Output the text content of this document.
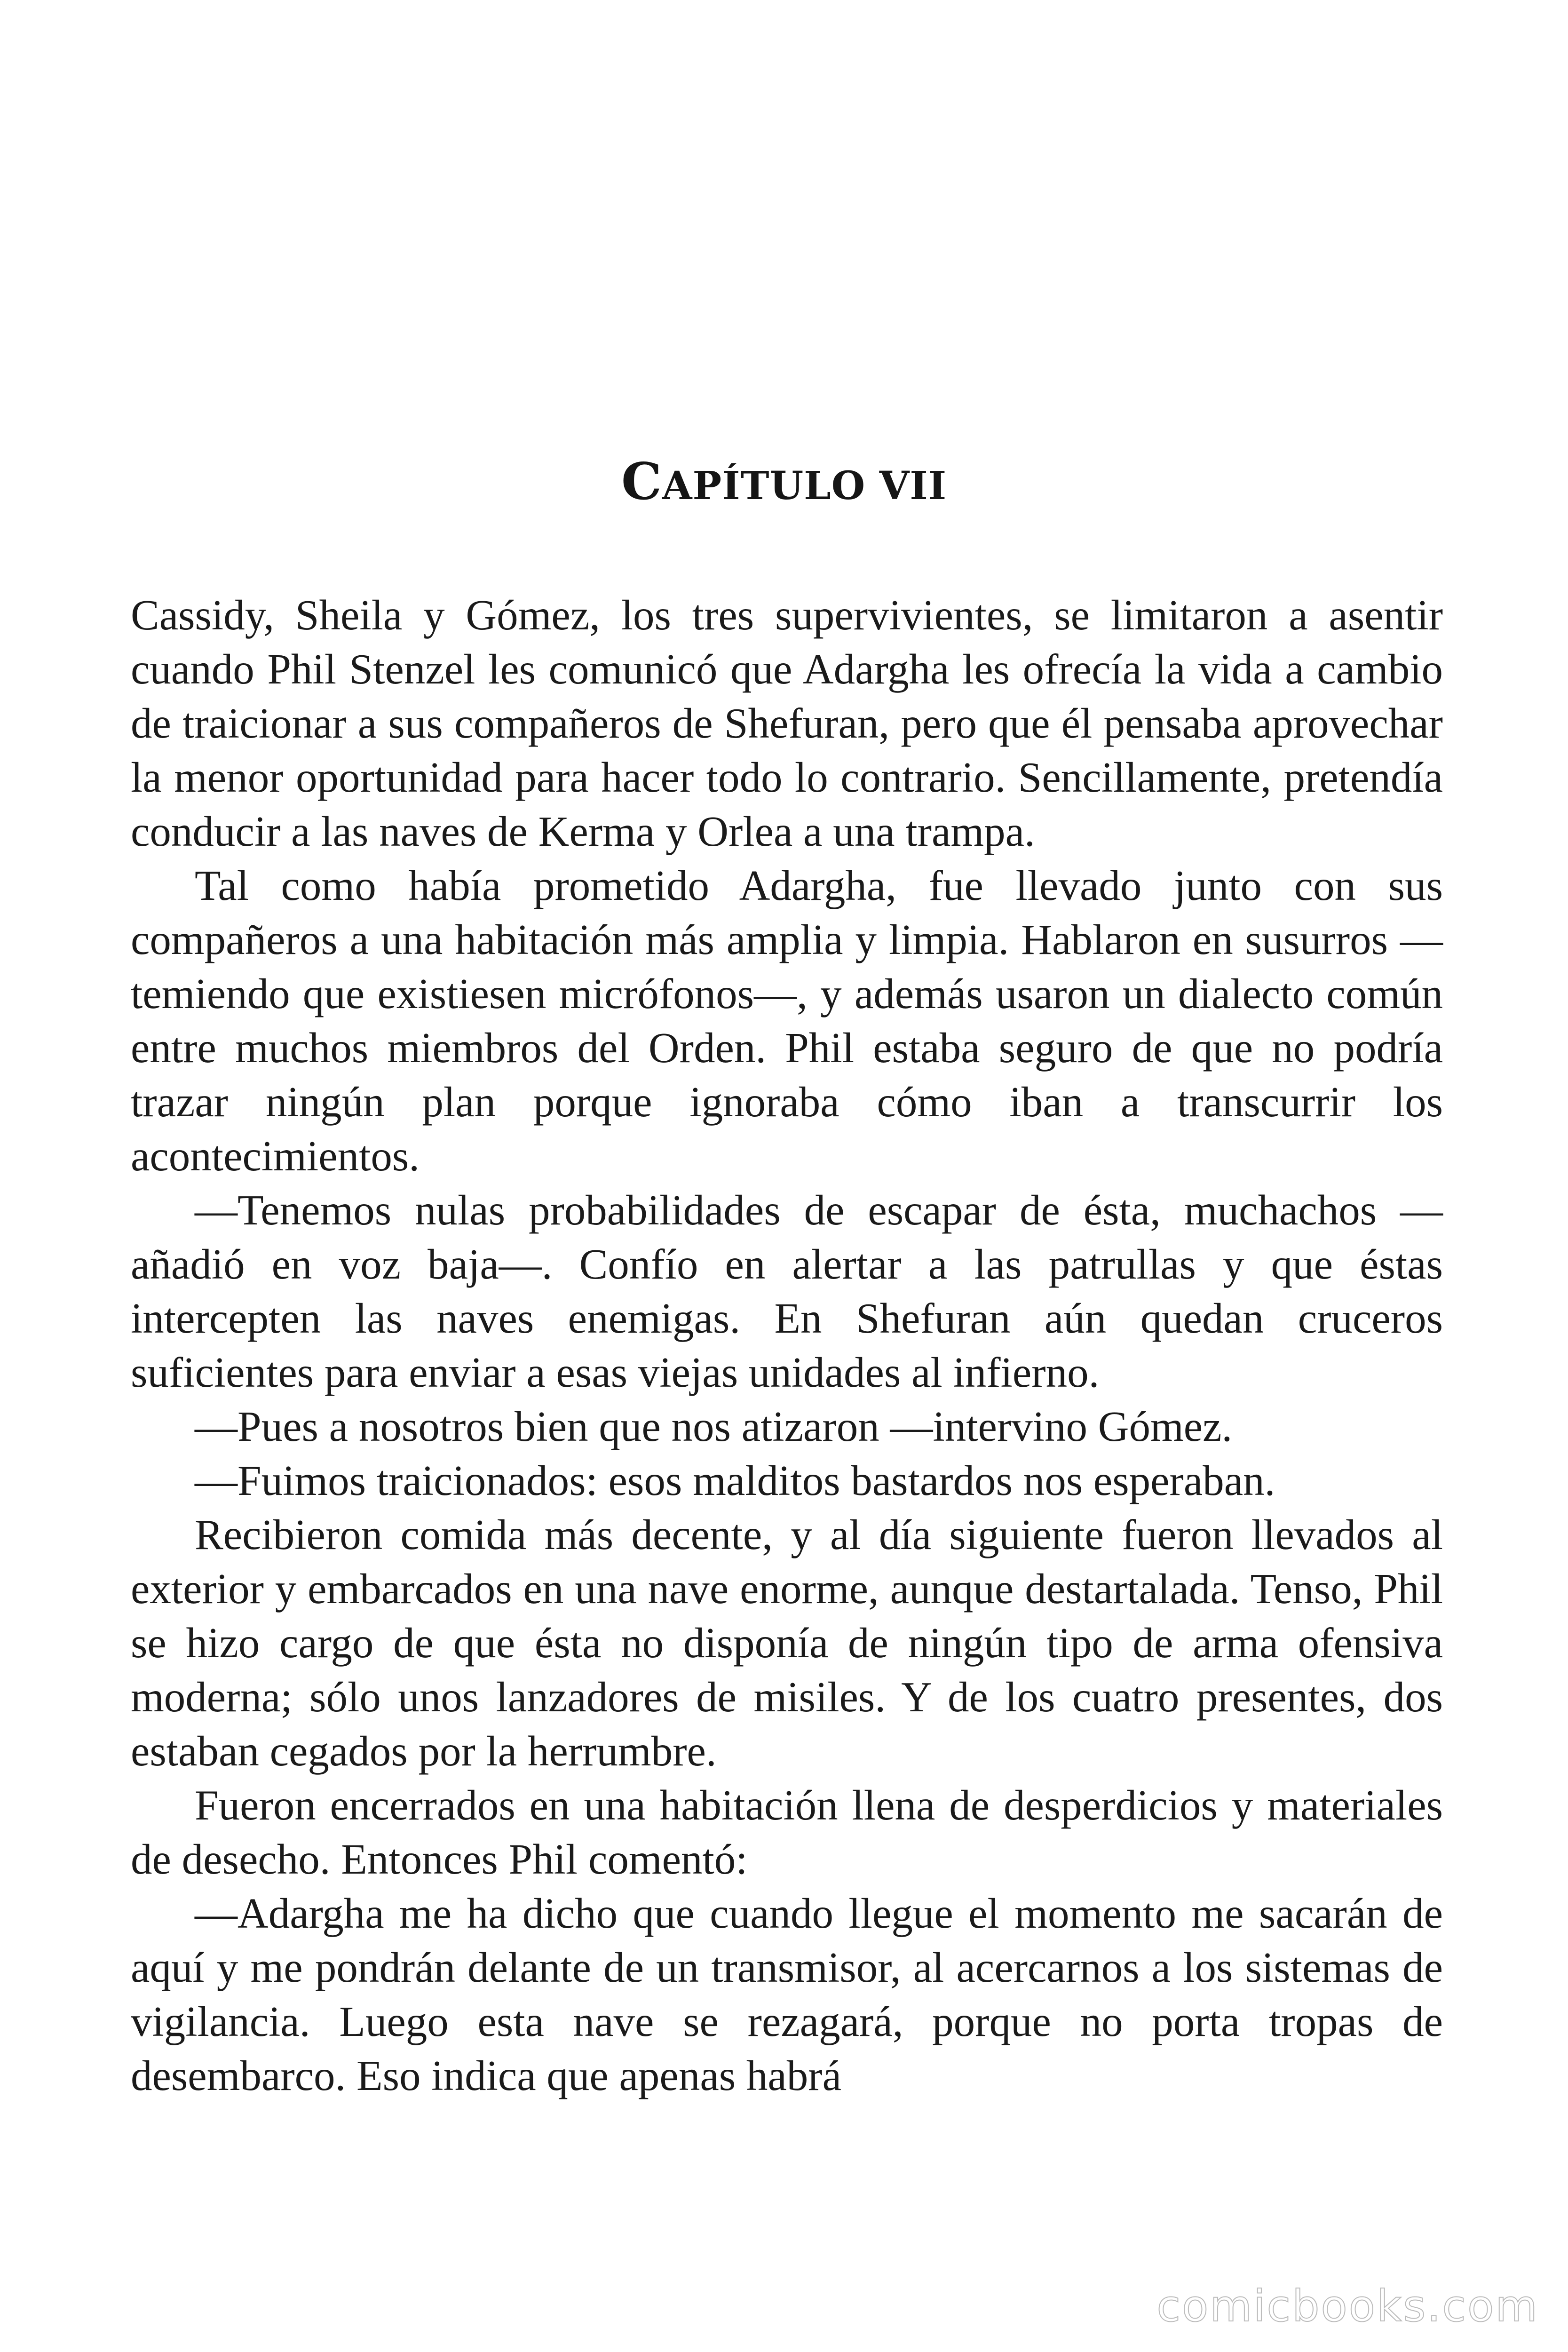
CAPÍTULO VII

Cassidy, Sheila y Gómez, los tres supervivientes, se limitaron a asentir cuando Phil Stenzel les comunicó que Adargha les ofrecía la vida a cambio de traicionar a sus compañeros de Shefuran, pero que él pensaba aprovechar la menor oportunidad para hacer todo lo contrario. Sencillamente, pretendía conducir a las naves de Kerma y Orlea a una trampa.

Tal como había prometido Adargha, fue llevado junto con sus compañeros a una habitación más amplia y limpia. Hablaron en susurros —temiendo que existiesen micrófonos—, y además usaron un dialecto común entre muchos miembros del Orden. Phil estaba seguro de que no podría trazar ningún plan porque ignoraba cómo iban a transcurrir los acontecimientos.

—Tenemos nulas probabilidades de escapar de ésta, muchachos —añadió en voz baja—. Confío en alertar a las patrullas y que éstas intercepten las naves enemigas. En Shefuran aún quedan cruceros suficientes para enviar a esas viejas unidades al infierno.

—Pues a nosotros bien que nos atizaron —intervino Gómez.

—Fuimos traicionados: esos malditos bastardos nos esperaban.

Recibieron comida más decente, y al día siguiente fueron llevados al exterior y embarcados en una nave enorme, aunque destartalada. Tenso, Phil se hizo cargo de que ésta no disponía de ningún tipo de arma ofensiva moderna; sólo unos lanzadores de misiles. Y de los cuatro presentes, dos estaban cegados por la herrumbre.

Fueron encerrados en una habitación llena de desperdicios y materiales de desecho. Entonces Phil comentó:

—Adargha me ha dicho que cuando llegue el momento me sacarán de aquí y me pondrán delante de un transmisor, al acercarnos a los sistemas de vigilancia. Luego esta nave se rezagará, porque no porta tropas de desembarco. Eso indica que apenas habrá

comicbooks.com
